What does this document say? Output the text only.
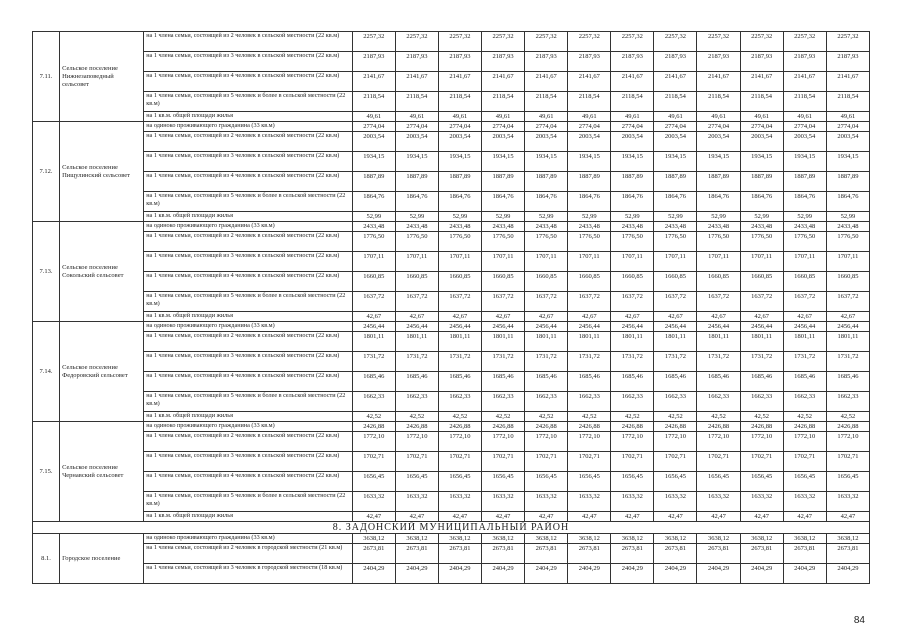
7.11.	Сельское поселение Нижнезаповедный сельсовет	на 1 члена семьи, состоящей из 2 человек в сельской местности (22 кв.м)	2257,32	2257,32	2257,32	2257,32	2257,32	2257,32	2257,32	2257,32	2257,32	2257,32	2257,32	2257,32
		на 1 члена семьи, состоящей из 3 человек в сельской местности (22 кв.м)	2187,93	2187,93	2187,93	2187,93	2187,93	2187,93	2187,93	2187,93	2187,93	2187,93	2187,93	2187,93
		на 1 члена семьи, состоящей из 4 человек в сельской местности (22 кв.м)	2141,67	2141,67	2141,67	2141,67	2141,67	2141,67	2141,67	2141,67	2141,67	2141,67	2141,67	2141,67
		на 1 члена семьи, состоящей из 5 человек и более в сельской местности (22 кв.м)	2118,54	2118,54	2118,54	2118,54	2118,54	2118,54	2118,54	2118,54	2118,54	2118,54	2118,54	2118,54
		на 1 кв.м. общей площади жилья	49,61	49,61	49,61	49,61	49,61	49,61	49,61	49,61	49,61	49,61	49,61	49,61
7.12.	Сельское поселение Пищулинский сельсовет	на одиноко проживающего гражданина (33 кв.м)	2774,04	2774,04	2774,04	2774,04	2774,04	2774,04	2774,04	2774,04	2774,04	2774,04	2774,04	2774,04
		на 1 члена семьи, состоящей из 2 человек в сельской местности (22 кв.м)	2003,54	2003,54	2003,54	2003,54	2003,54	2003,54	2003,54	2003,54	2003,54	2003,54	2003,54	2003,54
		на 1 члена семьи, состоящей из 3 человек в сельской местности (22 кв.м)	1934,15	1934,15	1934,15	1934,15	1934,15	1934,15	1934,15	1934,15	1934,15	1934,15	1934,15	1934,15
		на 1 члена семьи, состоящей из 4 человек в сельской местности (22 кв.м)	1887,89	1887,89	1887,89	1887,89	1887,89	1887,89	1887,89	1887,89	1887,89	1887,89	1887,89	1887,89
		на 1 члена семьи, состоящей из 5 человек и более в сельской местности (22 кв.м)	1864,76	1864,76	1864,76	1864,76	1864,76	1864,76	1864,76	1864,76	1864,76	1864,76	1864,76	1864,76
		на 1 кв.м. общей площади жилья	52,99	52,99	52,99	52,99	52,99	52,99	52,99	52,99	52,99	52,99	52,99	52,99
7.13.	Сельское поселение Сокольский сельсовет	на одиноко проживающего гражданина (33 кв.м)	2433,48	2433,48	2433,48	2433,48	2433,48	2433,48	2433,48	2433,48	2433,48	2433,48	2433,48	2433,48
		на 1 члена семьи, состоящей из 2 человек в сельской местности (22 кв.м)	1776,50	1776,50	1776,50	1776,50	1776,50	1776,50	1776,50	1776,50	1776,50	1776,50	1776,50	1776,50
		на 1 члена семьи, состоящей из 3 человек в сельской местности (22 кв.м)	1707,11	1707,11	1707,11	1707,11	1707,11	1707,11	1707,11	1707,11	1707,11	1707,11	1707,11	1707,11
		на 1 члена семьи, состоящей из 4 человек в сельской местности (22 кв.м)	1660,85	1660,85	1660,85	1660,85	1660,85	1660,85	1660,85	1660,85	1660,85	1660,85	1660,85	1660,85
		на 1 члена семьи, состоящей из 5 человек и более в сельской местности (22 кв.м)	1637,72	1637,72	1637,72	1637,72	1637,72	1637,72	1637,72	1637,72	1637,72	1637,72	1637,72	1637,72
		на 1 кв.м. общей площади жилья	42,67	42,67	42,67	42,67	42,67	42,67	42,67	42,67	42,67	42,67	42,67	42,67
7.14.	Сельское поселение Федоровский сельсовет	на одиноко проживающего гражданина (33 кв.м)	2456,44	2456,44	2456,44	2456,44	2456,44	2456,44	2456,44	2456,44	2456,44	2456,44	2456,44	2456,44
		на 1 члена семьи, состоящей из 2 человек в сельской местности (22 кв.м)	1801,11	1801,11	1801,11	1801,11	1801,11	1801,11	1801,11	1801,11	1801,11	1801,11	1801,11	1801,11
		на 1 члена семьи, состоящей из 3 человек в сельской местности (22 кв.м)	1731,72	1731,72	1731,72	1731,72	1731,72	1731,72	1731,72	1731,72	1731,72	1731,72	1731,72	1731,72
		на 1 члена семьи, состоящей из 4 человек в сельской местности (22 кв.м)	1685,46	1685,46	1685,46	1685,46	1685,46	1685,46	1685,46	1685,46	1685,46	1685,46	1685,46	1685,46
		на 1 члена семьи, состоящей из 5 человек и более в сельской местности (22 кв.м)	1662,33	1662,33	1662,33	1662,33	1662,33	1662,33	1662,33	1662,33	1662,33	1662,33	1662,33	1662,33
		на 1 кв.м. общей площади жилья	42,52	42,52	42,52	42,52	42,52	42,52	42,52	42,52	42,52	42,52	42,52	42,52
7.15.	Сельское поселение Чернавский сельсовет	на одиноко проживающего гражданина (33 кв.м)	2426,88	2426,88	2426,88	2426,88	2426,88	2426,88	2426,88	2426,88	2426,88	2426,88	2426,88	2426,88
		на 1 члена семьи, состоящей из 2 человек в сельской местности (22 кв.м)	1772,10	1772,10	1772,10	1772,10	1772,10	1772,10	1772,10	1772,10	1772,10	1772,10	1772,10	1772,10
		на 1 члена семьи, состоящей из 3 человек в сельской местности (22 кв.м)	1702,71	1702,71	1702,71	1702,71	1702,71	1702,71	1702,71	1702,71	1702,71	1702,71	1702,71	1702,71
		на 1 члена семьи, состоящей из 4 человек в сельской местности (22 кв.м)	1656,45	1656,45	1656,45	1656,45	1656,45	1656,45	1656,45	1656,45	1656,45	1656,45	1656,45	1656,45
		на 1 члена семьи, состоящей из 5 человек и более в сельской местности (22 кв.м)	1633,32	1633,32	1633,32	1633,32	1633,32	1633,32	1633,32	1633,32	1633,32	1633,32	1633,32	1633,32
		на 1 кв.м. общей площади жилья	42,47	42,47	42,47	42,47	42,47	42,47	42,47	42,47	42,47	42,47	42,47	42,47
8. ЗАДОНСКИЙ МУНИЦИПАЛЬНЫЙ РАЙОН														
8.1.	Городское поселение	на одиноко проживающего гражданина (33 кв.м)	3638,12	3638,12	3638,12	3638,12	3638,12	3638,12	3638,12	3638,12	3638,12	3638,12	3638,12	3638,12
		на 1 члена семьи, состоящей из 2 человек в городской местности (21 кв.м)	2673,81	2673,81	2673,81	2673,81	2673,81	2673,81	2673,81	2673,81	2673,81	2673,81	2673,81	2673,81
		на 1 члена семьи, состоящей из 3 человек в городской местности (18 кв.м)	2404,29	2404,29	2404,29	2404,29	2404,29	2404,29	2404,29	2404,29	2404,29	2404,29	2404,29	2404,29
84
